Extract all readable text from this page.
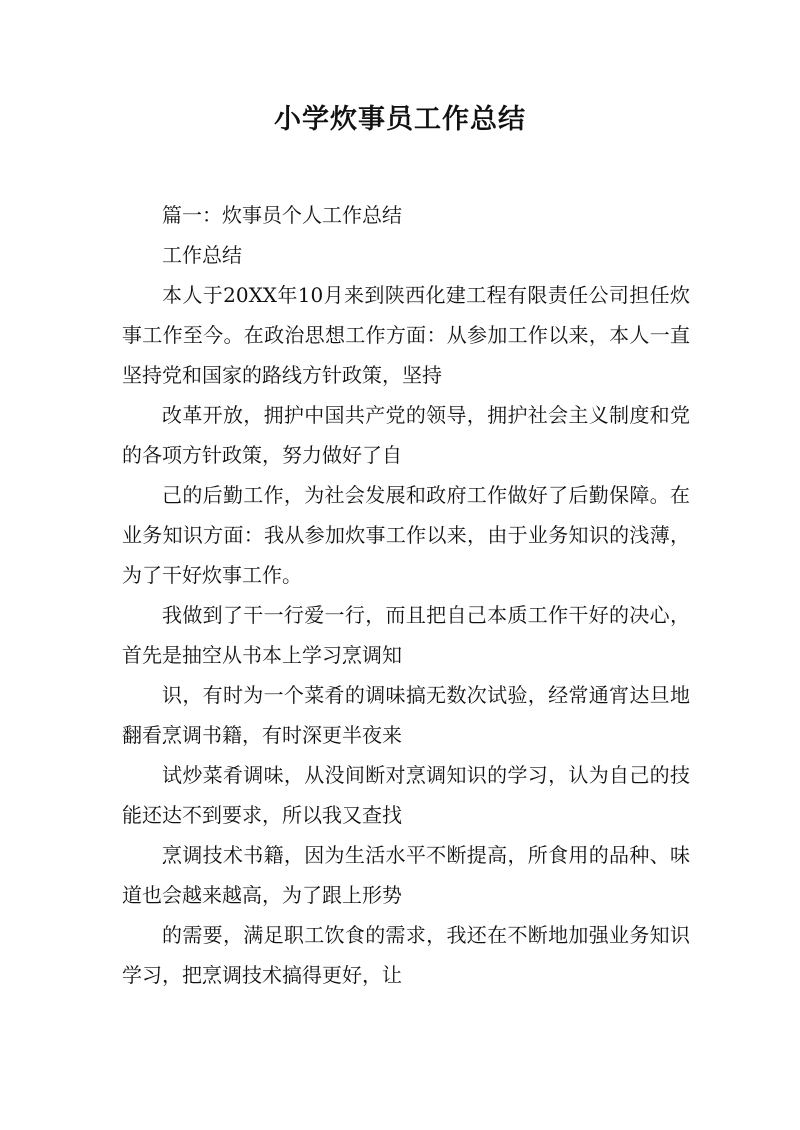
小学炊事员工作总结

篇一：炊事员个人工作总结

工作总结

本人于20XX年10月来到陕西化建工程有限责任公司担任炊事工作至今。在政治思想工作方面：从参加工作以来，本人一直坚持党和国家的路线方针政策，坚持

改革开放，拥护中国共产党的领导，拥护社会主义制度和党的各项方针政策，努力做好了自

己的后勤工作，为社会发展和政府工作做好了后勤保障。在业务知识方面：我从参加炊事工作以来，由于业务知识的浅薄，为了干好炊事工作。

我做到了干一行爱一行，而且把自己本质工作干好的决心，首先是抽空从书本上学习烹调知

识，有时为一个菜肴的调味搞无数次试验，经常通宵达旦地翻看烹调书籍，有时深更半夜来

试炒菜肴调味，从没间断对烹调知识的学习，认为自己的技能还达不到要求，所以我又查找

烹调技术书籍，因为生活水平不断提高，所食用的品种、味道也会越来越高，为了跟上形势

的需要，满足职工饮食的需求，我还在不断地加强业务知识学习，把烹调技术搞得更好，让
